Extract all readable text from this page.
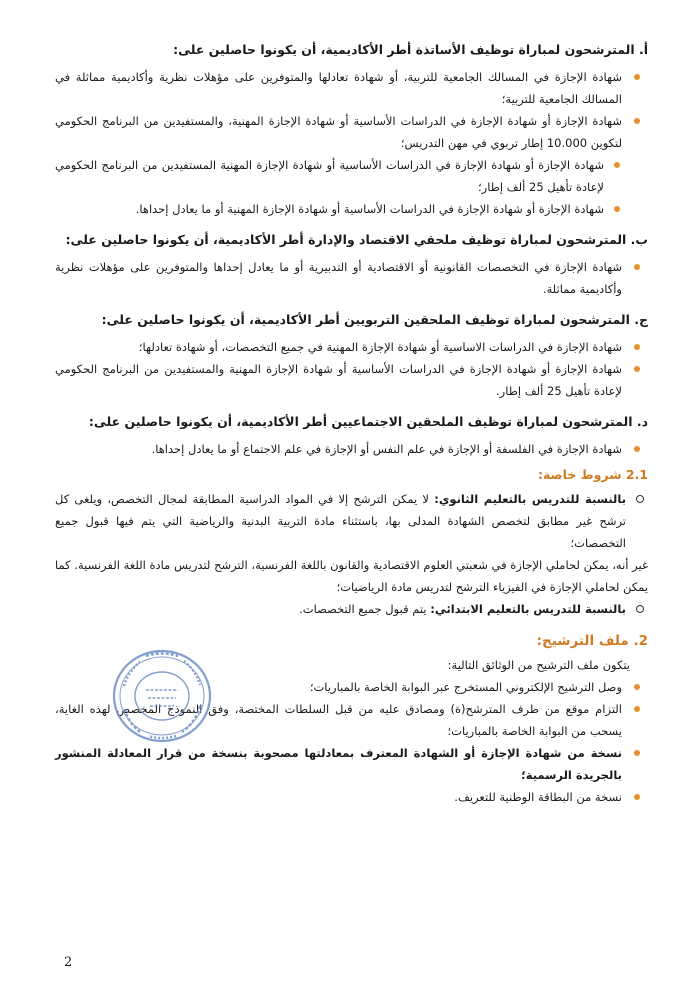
أ. المترشحون لمباراة توظيف الأساتذة أطر الأكاديمية، أن يكونوا حاصلين على:
شهادة الإجازة في المسالك الجامعية للتربية، أو شهادة تعادلها والمتوفرين على مؤهلات نظرية وأكاديمية مماثلة في المسالك الجامعية للتربية؛
شهادة الإجازة أو شهادة الإجازة في الدراسات الأساسية أو شهادة الإجازة المهنية، والمستفيدين من البرنامج الحكومي لتكوين 10.000 إطار تربوي في مهن التدريس؛
شهادة الإجازة أو شهادة الإجازة في الدراسات الأساسية أو شهادة الإجازة المهنية المستفيدين من البرنامج الحكومي لإعادة تأهيل 25 ألف إطار؛
شهادة الإجازة أو شهادة الإجازة في الدراسات الأساسية أو شهادة الإجازة المهنية أو ما يعادل إحداها.
ب. المترشحون لمباراة توظيف ملحقي الاقتصاد والإدارة أطر الأكاديمية، أن يكونوا حاصلين على:
شهادة الإجازة في التخصصات القانونية أو الاقتصادية أو التدبيرية أو ما يعادل إحداها والمتوفرين على مؤهلات نظرية وأكاديمية مماثلة.
ج. المترشحون لمباراة توظيف الملحقين التربويين أطر الأكاديمية، أن يكونوا حاصلين على:
شهادة الإجازة في الدراسات الاساسية أو شهادة الإجازة المهنية في جميع التخصصات، أو شهادة تعادلها؛
شهادة الإجازة أو شهادة الإجازة في الدراسات الأساسية أو شهادة الإجازة المهنية والمستفيدين من البرنامج الحكومي لإعادة تأهيل 25 ألف إطار.
د. المترشحون لمباراة توظيف الملحقين الاجتماعيين أطر الأكاديمية، أن يكونوا حاصلين على:
شهادة الإجازة في الفلسفة أو الإجازة في علم النفس أو الإجازة في علم الاجتماع أو ما يعادل إحداها.
2.1 شروط خاصة:
بالنسبة للتدريس بالتعليم الثانوي: لا يمكن الترشح إلا في المواد الدراسية المطابقة لمجال التخصص، ويلغى كل ترشح غير مطابق لتخصص الشهادة المدلى بها، باستثناء مادة التربية البدنية والرياضية التي يتم فيها قبول جميع التخصصات؛
غير أنه، يمكن لحاملي الإجازة في شعبتي العلوم الاقتصادية والقانون باللغة الفرنسية، الترشح لتدريس مادة اللغة الفرنسية. كما يمكن لحاملي الإجازة في الفيزياء الترشح لتدريس مادة الرياضيات؛
بالنسبة للتدريس بالتعليم الابتدائي: يتم قبول جميع التخصصات.
2. ملف الترشيح:
يتكون ملف الترشيح من الوثائق التالية:
وصل الترشيح الإلكتروني المستخرج عبر البوابة الخاصة بالمباريات؛
التزام موقع من طرف المترشح(ة) ومصادق عليه من قبل السلطات المختصة، وفق النموذج المخصص لهذه الغاية، يسحب من البوابة الخاصة بالمباريات؛
نسخة من شهادة الإجازة أو الشهادة المعترف بمعادلتها مصحوبة بنسخة من قرار المعادلة المنشور بالجريدة الرسمية؛
نسخة من البطاقة الوطنية للتعريف.
2
